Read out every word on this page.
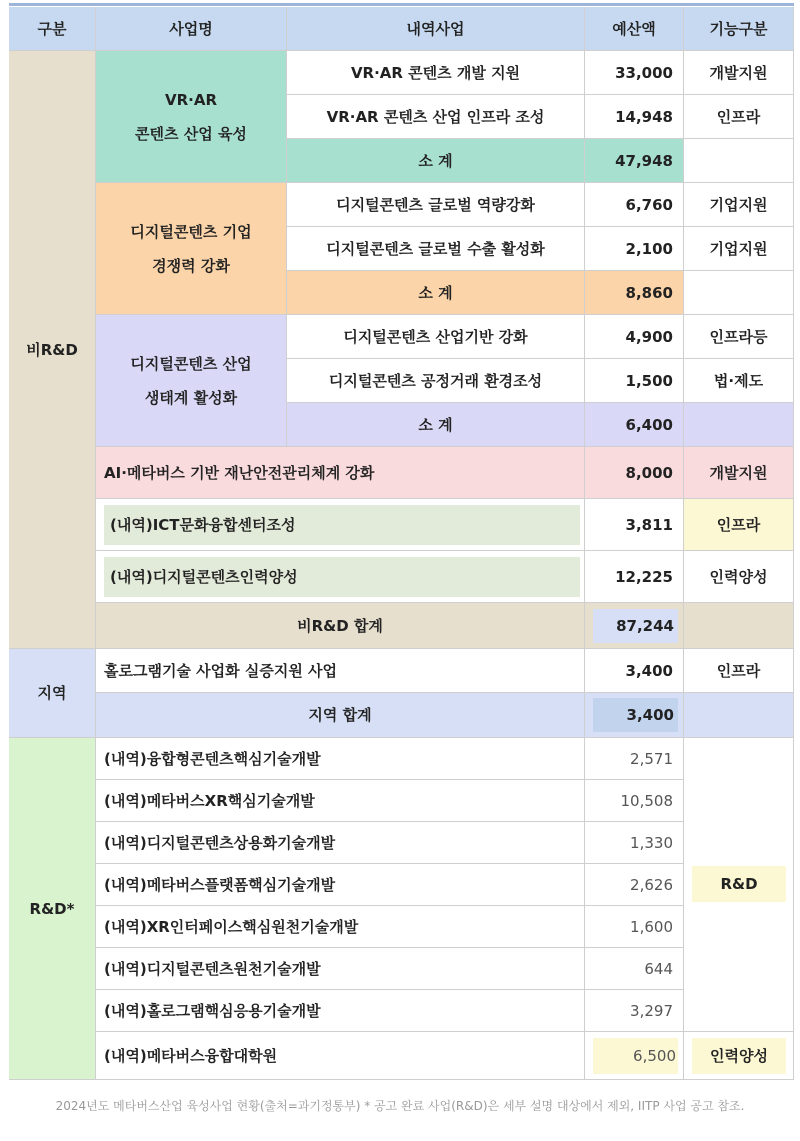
구분	사업명	내역사업	예산액	기능구분
비R&D
VR·AR
콘텐츠 산업 육성
VR·AR 콘텐츠 개발 지원	33,000	개발지원
VR·AR 콘텐츠 산업 인프라 조성	14,948	인프라
소 계	47,948
디지털콘텐츠 기업
경쟁력 강화
디지털콘텐츠 글로벌 역량강화	6,760	기업지원
디지털콘텐츠 글로벌 수출 활성화	2,100	기업지원
소 계	8,860
디지털콘텐츠 산업
생태계 활성화
디지털콘텐츠 산업기반 강화	4,900	인프라등
디지털콘텐츠 공정거래 환경조성	1,500	법·제도
소 계	6,400
AI·메타버스 기반 재난안전관리체계 강화	8,000	개발지원
(내역)ICT문화융합센터조성	3,811	인프라
(내역)디지털콘텐츠인력양성	12,225	인력양성
비R&D 합계	87,244
지역
홀로그램기술 사업화 실증지원 사업	3,400	인프라
지역 합계	3,400
R&D*
(내역)융합형콘텐츠핵심기술개발	2,571
(내역)메타버스XR핵심기술개발	10,508
(내역)디지털콘텐츠상용화기술개발	1,330
(내역)메타버스플랫폼핵심기술개발	2,626
(내역)XR인터페이스핵심원천기술개발	1,600
(내역)디지털콘텐츠원천기술개발	644
(내역)홀로그램핵심응용기술개발	3,297
R&D
(내역)메타버스융합대학원	6,500	인력양성
2024년도 메타버스산업 육성사업 현황(출처=과기정통부) * 공고 완료 사업(R&D)은 세부 설명 대상에서 제외, IITP 사업 공고 참조.
